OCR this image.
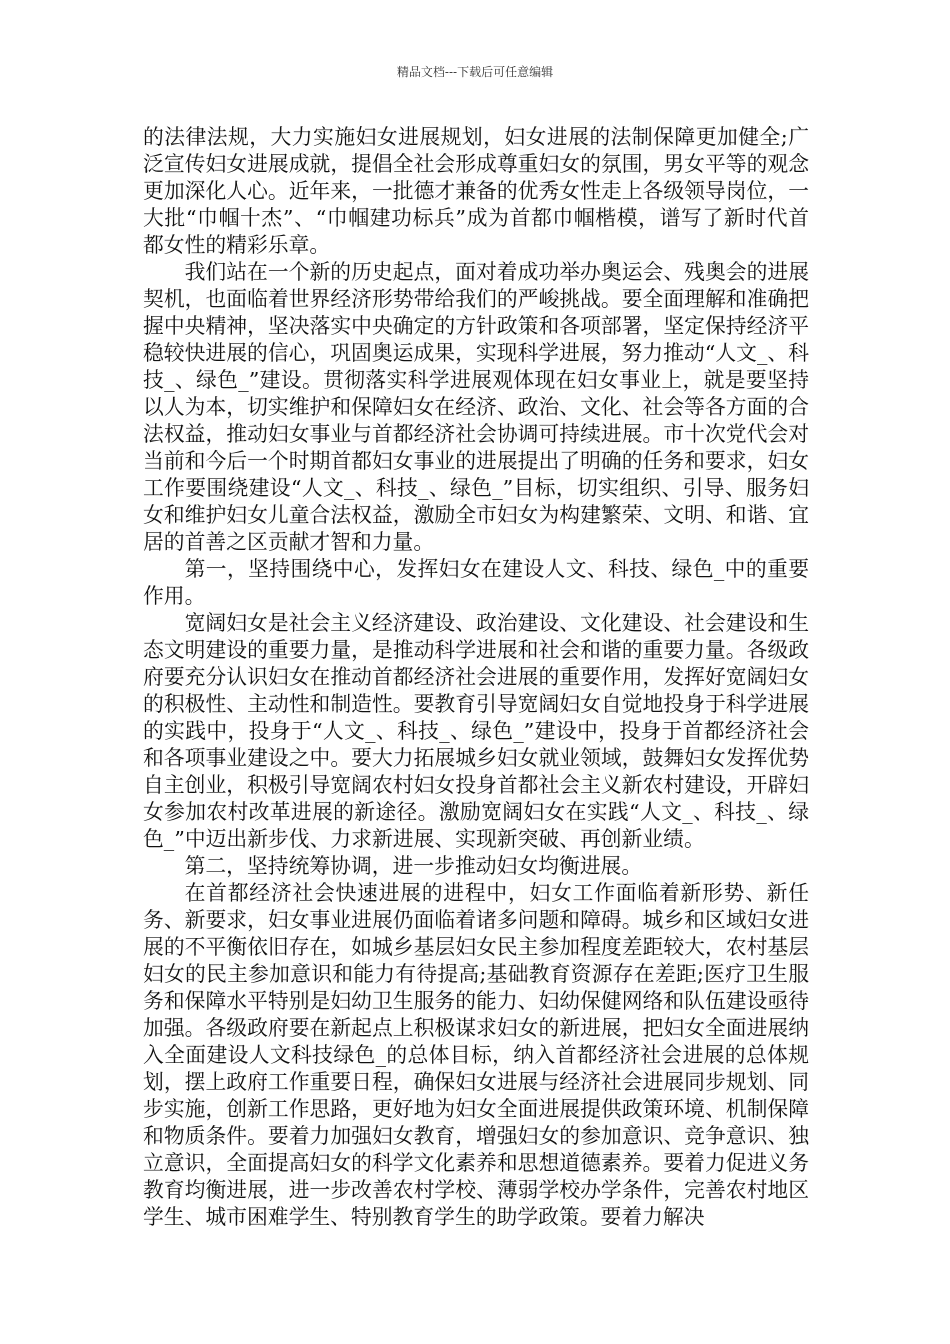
精品文档---下载后可任意编辑

的法律法规，大力实施妇女进展规划，妇女进展的法制保障更加健全;广泛宣传妇女进展成就，提倡全社会形成尊重妇女的氛围，男女平等的观念更加深化人心。近年来，一批德才兼备的优秀女性走上各级领导岗位，一大批“巾帼十杰”、“巾帼建功标兵”成为首都巾帼楷模，谱写了新时代首都女性的精彩乐章。

我们站在一个新的历史起点，面对着成功举办奥运会、残奥会的进展契机，也面临着世界经济形势带给我们的严峻挑战。要全面理解和准确把握中央精神，坚决落实中央确定的方针政策和各项部署，坚定保持经济平稳较快进展的信心，巩固奥运成果，实现科学进展，努力推动“人文_、科技_、绿色_”建设。贯彻落实科学进展观体现在妇女事业上，就是要坚持以人为本，切实维护和保障妇女在经济、政治、文化、社会等各方面的合法权益，推动妇女事业与首都经济社会协调可持续进展。市十次党代会对当前和今后一个时期首都妇女事业的进展提出了明确的任务和要求，妇女工作要围绕建设“人文_、科技_、绿色_”目标，切实组织、引导、服务妇女和维护妇女儿童合法权益，激励全市妇女为构建繁荣、文明、和谐、宜居的首善之区贡献才智和力量。

第一，坚持围绕中心，发挥妇女在建设人文、科技、绿色_中的重要作用。

宽阔妇女是社会主义经济建设、政治建设、文化建设、社会建设和生态文明建设的重要力量，是推动科学进展和社会和谐的重要力量。各级政府要充分认识妇女在推动首都经济社会进展的重要作用，发挥好宽阔妇女的积极性、主动性和制造性。要教育引导宽阔妇女自觉地投身于科学进展的实践中，投身于“人文_、科技_、绿色_”建设中，投身于首都经济社会和各项事业建设之中。要大力拓展城乡妇女就业领域，鼓舞妇女发挥优势自主创业，积极引导宽阔农村妇女投身首都社会主义新农村建设，开辟妇女参加农村改革进展的新途径。激励宽阔妇女在实践“人文_、科技_、绿色_”中迈出新步伐、力求新进展、实现新突破、再创新业绩。

第二，坚持统筹协调，进一步推动妇女均衡进展。

在首都经济社会快速进展的进程中，妇女工作面临着新形势、新任务、新要求，妇女事业进展仍面临着诸多问题和障碍。城乡和区域妇女进展的不平衡依旧存在，如城乡基层妇女民主参加程度差距较大，农村基层妇女的民主参加意识和能力有待提高;基础教育资源存在差距;医疗卫生服务和保障水平特别是妇幼卫生服务的能力、妇幼保健网络和队伍建设亟待加强。各级政府要在新起点上积极谋求妇女的新进展，把妇女全面进展纳入全面建设人文科技绿色_的总体目标，纳入首都经济社会进展的总体规划，摆上政府工作重要日程，确保妇女进展与经济社会进展同步规划、同步实施，创新工作思路，更好地为妇女全面进展提供政策环境、机制保障和物质条件。要着力加强妇女教育，增强妇女的参加意识、竞争意识、独立意识，全面提高妇女的科学文化素养和思想道德素养。要着力促进义务教育均衡进展，进一步改善农村学校、薄弱学校办学条件，完善农村地区学生、城市困难学生、特别教育学生的助学政策。要着力解决
